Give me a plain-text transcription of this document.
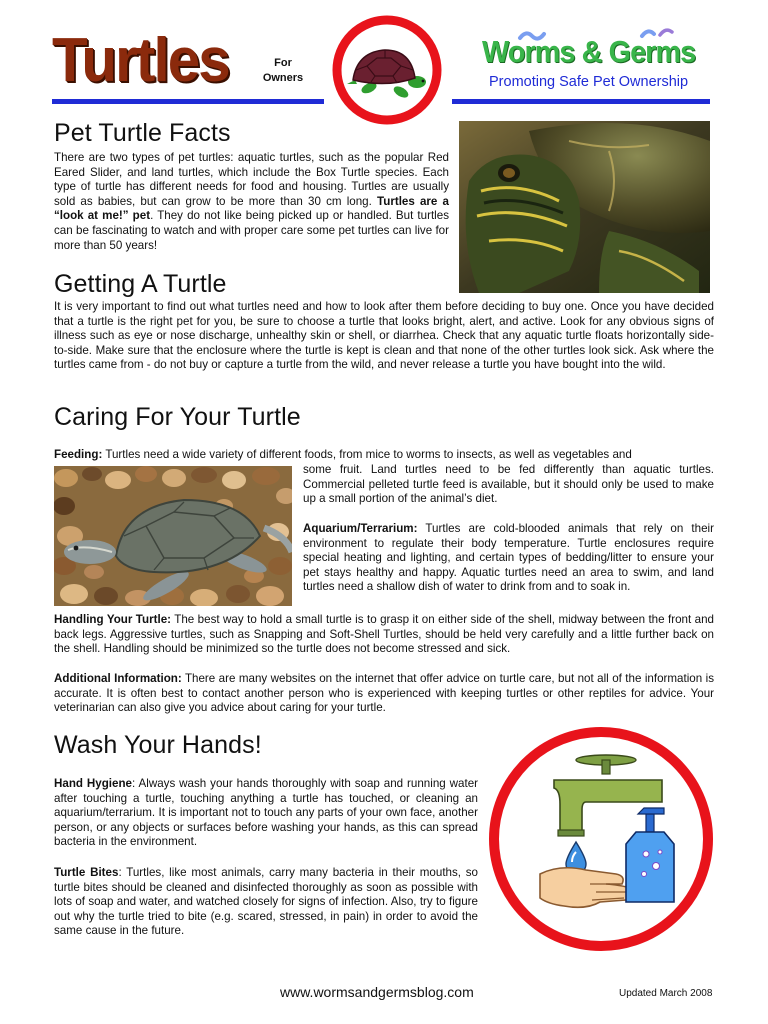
Turtles	For
Owners
Worms & Germs
Promoting Safe Pet Ownership
Pet Turtle Facts

There are two types of pet turtles: aquatic turtles, such as the popular Red Eared Slider, and land turtles, which include the Box Turtle species. Each type of turtle has different needs for food and housing. Turtles are usually sold as babies, but can grow to be more than 30 cm long. Turtles are a “look at me!” pet. They do not like being picked up or handled. But turtles can be fascinating to watch and with proper care some pet turtles can live for more than 50 years!

Getting A Turtle

It is very important to find out what turtles need and how to look after them before deciding to buy one. Once you have decided that a turtle is the right pet for you, be sure to choose a turtle that looks bright, alert, and active. Look for any obvious signs of illness such as eye or nose discharge, unhealthy skin or shell, or diarrhea. Check that any aquatic turtle floats horizontally side-to-side. Make sure that the enclosure where the turtle is kept is clean and that none of the other turtles look sick. Ask where the turtles came from - do not buy or capture a turtle from the wild, and never release a turtle you have bought into the wild.

Caring For Your Turtle

Feeding: Turtles need a wide variety of different foods, from mice to worms to insects, as well as vegetables and

some fruit. Land turtles need to be fed differently than aquatic turtles. Commercial pelleted turtle feed is available, but it should only be used to make up a small portion of the animal’s diet.

Aquarium/Terrarium: Turtles are cold-blooded animals that rely on their environment to regulate their body temperature. Turtle enclosures require special heating and lighting, and certain types of bedding/litter to ensure your pet stays healthy and happy. Aquatic turtles need an area to swim, and land turtles need a shallow dish of water to drink from and to soak in.

Handling Your Turtle: The best way to hold a small turtle is to grasp it on either side of the shell, midway between the front and back legs. Aggressive turtles, such as Snapping and Soft-Shell Turtles, should be held very carefully and a little further back on the shell. Handling should be minimized so the turtle does not become stressed and sick.

Additional Information: There are many websites on the internet that offer advice on turtle care, but not all of the information is accurate. It is often best to contact another person who is experienced with keeping turtles or other reptiles for advice. Your veterinarian can also give you advice about caring for your turtle.

Wash Your Hands!

Hand Hygiene: Always wash your hands thoroughly with soap and running water after touching a turtle, touching anything a turtle has touched, or cleaning an aquarium/terrarium. It is important not to touch any parts of your own face, another person, or any objects or surfaces before washing your hands, as this can spread bacteria in the environment.

Turtle Bites: Turtles, like most animals, carry many bacteria in their mouths, so turtle bites should be cleaned and disinfected thoroughly as soon as possible with lots of soap and water, and watched closely for signs of infection. Also, try to figure out why the turtle tried to bite (e.g. scared, stressed, in pain) in order to avoid the same cause in the future.

www.wormsandgermsblog.com	Updated March 2008
